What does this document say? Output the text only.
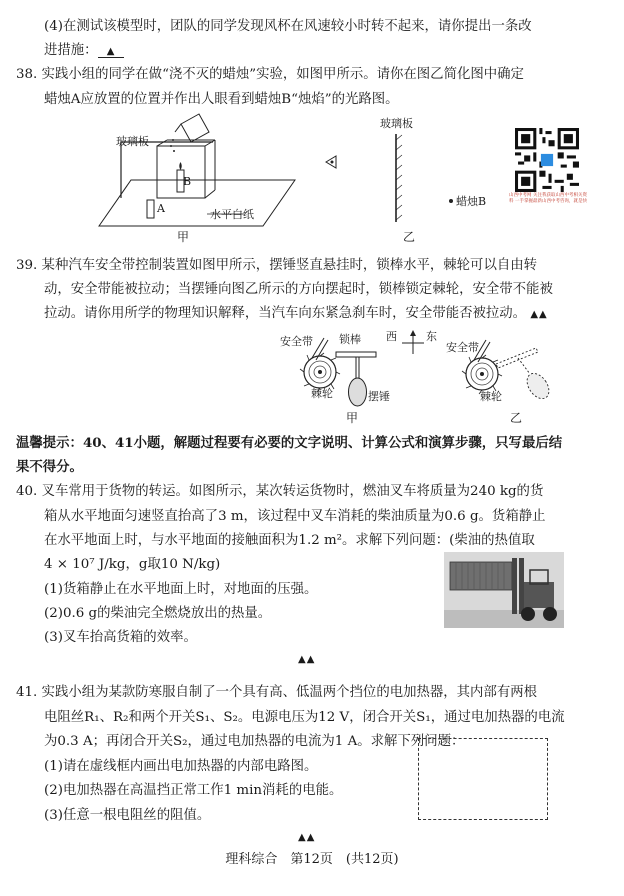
(4)在测试该模型时，团队的同学发现风杯在风速较小时转不起来，请你提出一条改
进措施： ▲
38. 实践小组的同学在做“浇不灭的蜡烛”实验，如图甲所示。请你在图乙简化图中确定
蜡烛A应放置的位置并作出人眼看到蜡烛B“烛焰”的光路图。
玻璃板
B
A	水平白纸
甲
玻璃板
蜡烛B
乙
山西中考网 关注我获取山西中考相关资料 一手掌握最新山西中考咨询，就是快
39. 某种汽车安全带控制装置如图甲所示，摆锤竖直悬挂时，锁棒水平，棘轮可以自由转
动，安全带能被拉动；当摆锤向图乙所示的方向摆起时，锁棒锁定棘轮，安全带不能被
拉动。请你用所学的物理知识解释，当汽车向东紧急刹车时，安全带能否被拉动。 ▲▲
安全带 锁棒
棘轮	摆锤
甲
西	东
安全带
棘轮
乙
温馨提示：40、41小题，解题过程要有必要的文字说明、计算公式和演算步骤，只写最后结
果不得分。
40. 叉车常用于货物的转运。如图所示，某次转运货物时，燃油叉车将质量为240 kg的货
箱从水平地面匀速竖直抬高了3 m，该过程中叉车消耗的柴油质量为0.6 g。货箱静止
在水平地面上时，与水平地面的接触面积为1.2 m²。求解下列问题：(柴油的热值取
4 × 10⁷ J/kg，g取10 N/kg)
(1)货箱静止在水平地面上时，对地面的压强。
(2)0.6 g的柴油完全燃烧放出的热量。
(3)叉车抬高货箱的效率。
▲▲
41. 实践小组为某款防寒服自制了一个具有高、低温两个挡位的电加热器，其内部有两根
电阻丝R₁、R₂和两个开关S₁、S₂。电源电压为12 V，闭合开关S₁，通过电加热器的电流
为0.3 A；再闭合开关S₂，通过电加热器的电流为1 A。求解下列问题：
(1)请在虚线框内画出电加热器的内部电路图。
(2)电加热器在高温挡正常工作1 min消耗的电能。
(3)任意一根电阻丝的阻值。
▲▲
理科综合　第12页　(共12页)
